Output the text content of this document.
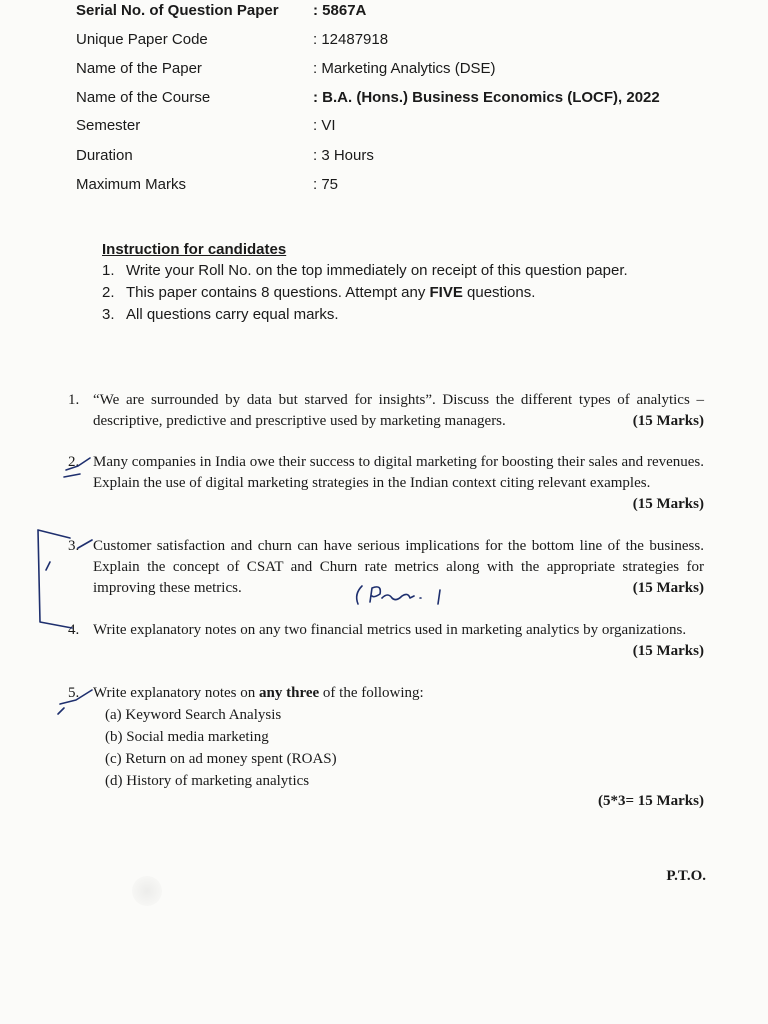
Serial No. of Question Paper : 5867A
Unique Paper Code	: 12487918
Name of the Paper	: Marketing Analytics (DSE)
Name of the Course	: B.A. (Hons.) Business Economics (LOCF), 2022
Semester	: VI
Duration	: 3 Hours
Maximum Marks	: 75
Instruction for candidates
1. Write your Roll No. on the top immediately on receipt of this question paper.
2. This paper contains 8 questions. Attempt any FIVE questions.
3. All questions carry equal marks.
1. “We are surrounded by data but starved for insights”. Discuss the different types of analytics – descriptive, predictive and prescriptive used by marketing managers.	(15 Marks)
2. Many companies in India owe their success to digital marketing for boosting their sales and revenues. Explain the use of digital marketing strategies in the Indian context citing relevant examples.
(15 Marks)
3. Customer satisfaction and churn can have serious implications for the bottom line of the business. Explain the concept of CSAT and Churn rate metrics along with the appropriate strategies for improving these metrics.	(15 Marks)
4. Write explanatory notes on any two financial metrics used in marketing analytics by organizations.
(15 Marks)
5. Write explanatory notes on any three of the following:
(a) Keyword Search Analysis
(b) Social media marketing
(c) Return on ad money spent (ROAS)
(d) History of marketing analytics
(5*3= 15 Marks)
P.T.O.
